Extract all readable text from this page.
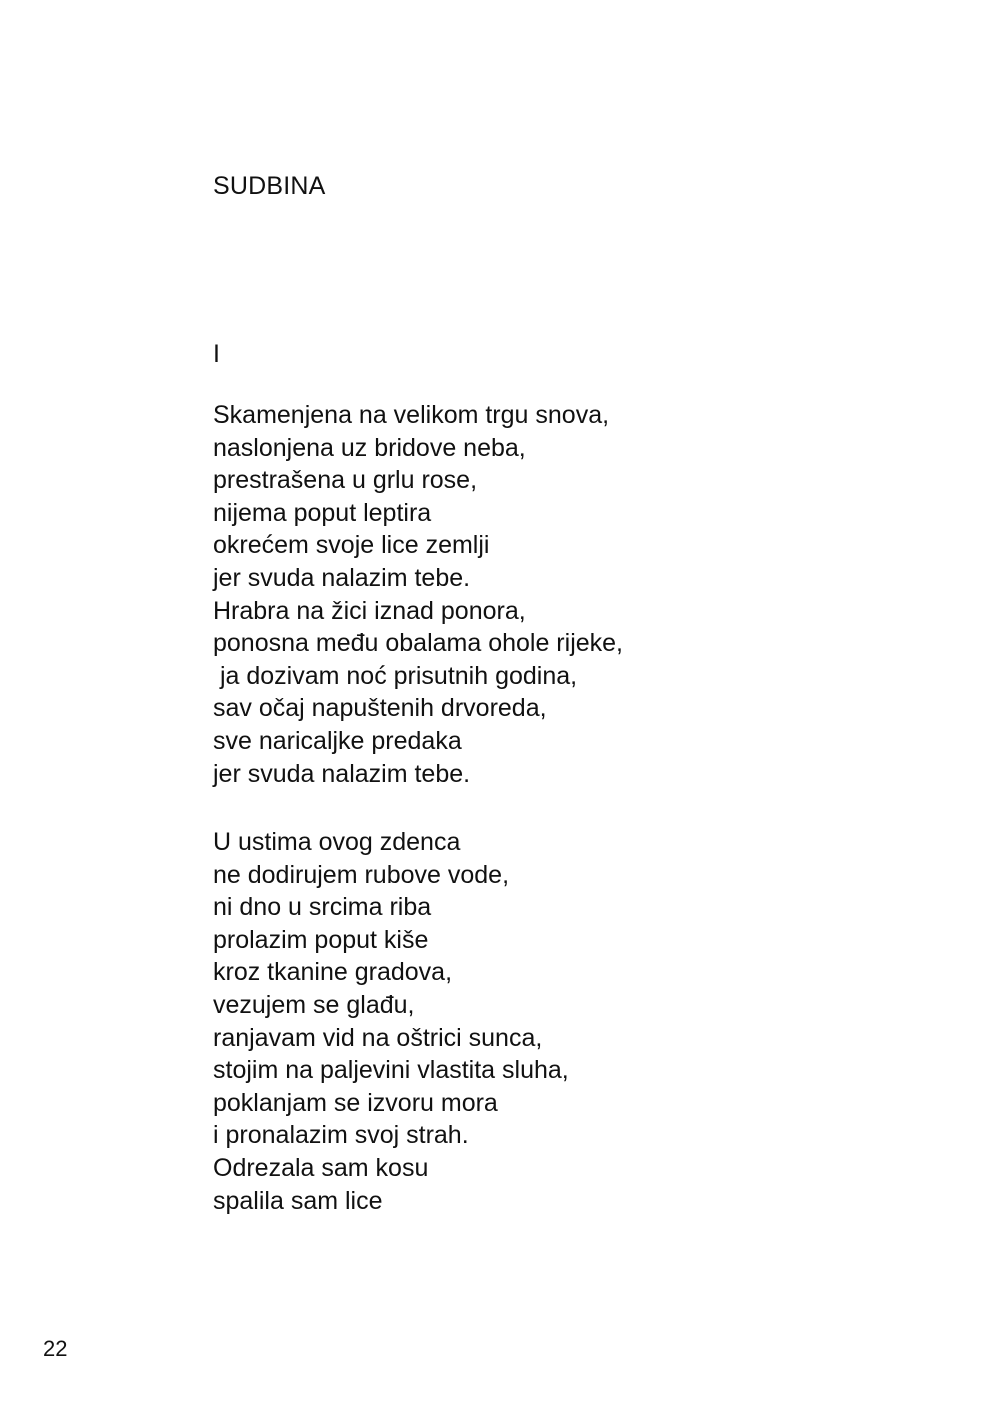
SUDBINA
I
Skamenjena na velikom trgu snova,
naslonjena uz bridove neba,
prestrašena u grlu rose,
nijema poput leptira
okrećem svoje lice zemlji
jer svuda nalazim tebe.
Hrabra na žici iznad ponora,
ponosna među obalama ohole rijeke,
ja dozivam noć prisutnih godina,
sav očaj napuštenih drvoreda,
sve naricaljke predaka
jer svuda nalazim tebe.
U ustima ovog zdenca
ne dodirujem rubove vode,
ni dno u srcima riba
prolazim poput kiše
kroz tkanine gradova,
vezujem se glađu,
ranjavam vid na oštrici sunca,
stojim na paljevini vlastita sluha,
poklanjam se izvoru mora
i pronalazim svoj strah.
Odrezala sam kosu
spalila sam lice
22
